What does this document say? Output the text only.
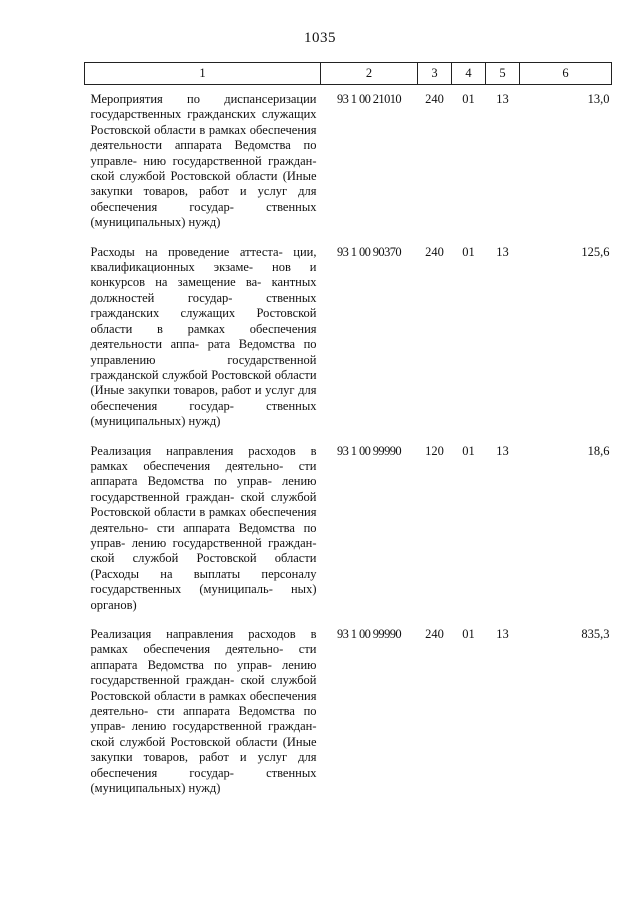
1035
1	2	3	4	5	6
Мероприятия по диспансеризации государственных гражданских служащих Ростовской области в рамках обеспечения деятельности аппарата Ведомства по управле- нию государственной граждан- ской службой Ростовской области (Иные закупки товаров, работ и услуг для обеспечения государ- ственных (муниципальных) нужд)	93 1 00 21010	240	01	13	13,0
Расходы на проведение аттеста- ции, квалификационных экзаме- нов и конкурсов на замещение ва- кантных должностей государ- ственных гражданских служащих Ростовской области в рамках обеспечения деятельности аппа- рата Ведомства по управлению государственной гражданской службой Ростовской области (Иные закупки товаров, работ и услуг для обеспечения государ- ственных (муниципальных) нужд)	93 1 00 90370	240	01	13	125,6
Реализация направления расходов в рамках обеспечения деятельно- сти аппарата Ведомства по управ- лению государственной граждан- ской службой Ростовской области в рамках обеспечения деятельно- сти аппарата Ведомства по управ- лению государственной граждан- ской службой Ростовской области (Расходы на выплаты персоналу государственных (муниципаль- ных) органов)	93 1 00 99990	120	01	13	18,6
Реализация направления расходов в рамках обеспечения деятельно- сти аппарата Ведомства по управ- лению государственной граждан- ской службой Ростовской области в рамках обеспечения деятельно- сти аппарата Ведомства по управ- лению государственной граждан- ской службой Ростовской области (Иные закупки товаров, работ и услуг для обеспечения государ- ственных (муниципальных) нужд)	93 1 00 99990	240	01	13	835,3
